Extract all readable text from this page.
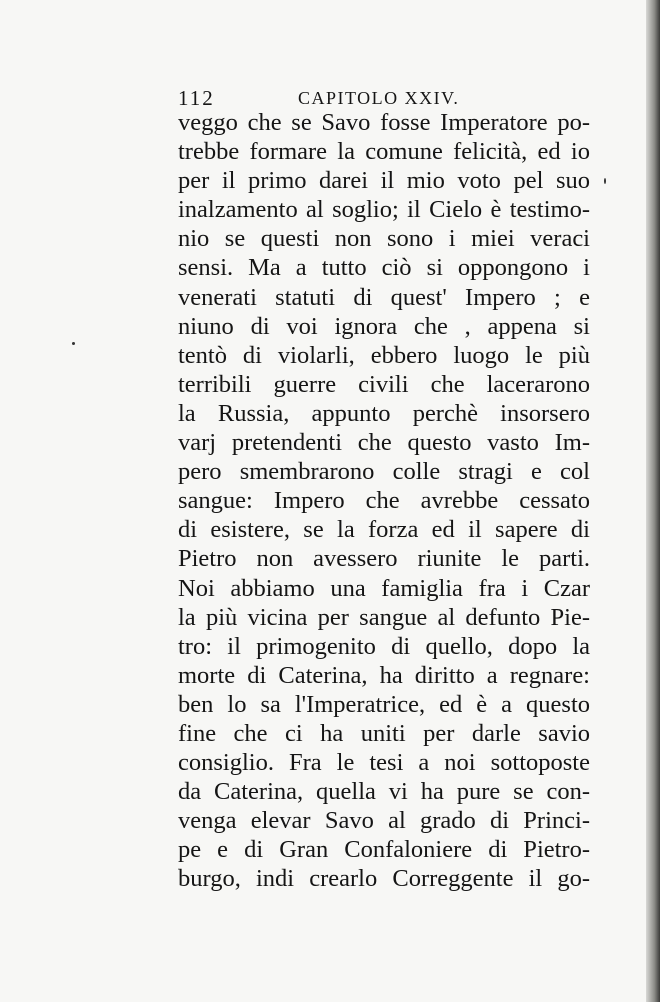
112	CAPITOLO XXIV.
veggo che se Savo fosse Imperatore po-
trebbe formare la comune felicità, ed io
per il primo darei il mio voto pel suo
inalzamento al soglio; il Cielo è testimo-
nio se questi non sono i miei veraci
sensi. Ma a tutto ciò si oppongono i
venerati statuti di quest' Impero ; e
niuno di voi ignora che , appena si
tentò di violarli, ebbero luogo le più
terribili guerre civili che lacerarono
la Russia, appunto perchè insorsero
varj pretendenti che questo vasto Im-
pero smembrarono colle stragi e col
sangue: Impero che avrebbe cessato
di esistere, se la forza ed il sapere di
Pietro non avessero riunite le parti.
Noi abbiamo una famiglia fra i Czar
la più vicina per sangue al defunto Pie-
tro: il primogenito di quello, dopo la
morte di Caterina, ha diritto a regnare:
ben lo sa l'Imperatrice, ed è a questo
fine che ci ha uniti per darle savio
consiglio. Fra le tesi a noi sottoposte
da Caterina, quella vi ha pure se con-
venga elevar Savo al grado di Princi-
pe e di Gran Confaloniere di Pietro-
burgo, indi crearlo Correggente il go-
